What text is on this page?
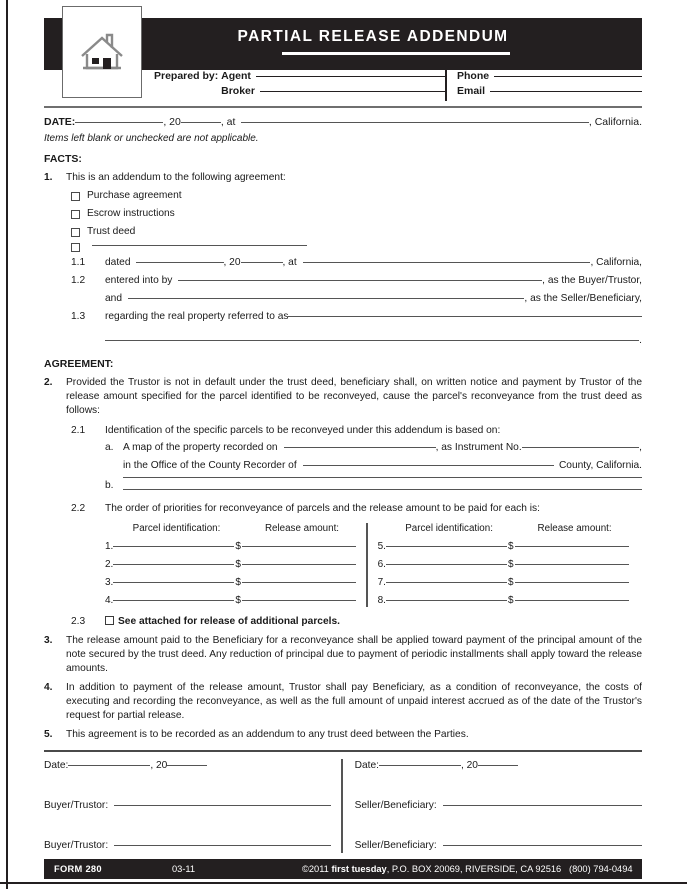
PARTIAL RELEASE ADDENDUM
Prepared by:
Agent

Broker
Phone
Email
DATE:	, 20	, at	, California.
Items left blank or unchecked are not applicable.
FACTS:
1.	This is an addendum to the following agreement:
Purchase agreement
Escrow instructions
Trust deed
1.1	dated	, 20	, at	, California,
1.2	entered into by	, as the Buyer/Trustor,
and	, as the Seller/Beneficiary,
1.3	regarding the real property referred to as
.
AGREEMENT:
2.	Provided the Trustor is not in default under the trust deed, beneficiary shall, on written notice and payment by Trustor of the release amount specified for the parcel identified to be reconveyed, cause the parcel's reconveyance from the trust deed as follows:
2.1	Identification of the specific parcels to be reconveyed under this addendum is based on:
a. A map of the property recorded on	, as Instrument No.	,
in the Office of the County Recorder of	County, California.
b.
2.2	The order of priorities for reconveyance of parcels and the release amount to be paid for each is:
Parcel identification:	Release amount:
1.	$
2.	$
3.	$
4.	$
Parcel identification:	Release amount:
5.	$
6.	$
7.	$
8.	$
2.3	See attached for release of additional parcels.
3.	The release amount paid to the Beneficiary for a reconveyance shall be applied toward payment of the principal amount of the note secured by the trust deed. Any reduction of principal due to payment of periodic installments shall apply toward the release amounts.
4.	In addition to payment of the release amount, Trustor shall pay Beneficiary, as a condition of reconveyance, the costs of executing and recording the reconveyance, as well as the full amount of unpaid interest accrued as of the date of the Trustor's request for partial release.
5.	This agreement is to be recorded as an addendum to any trust deed between the Parties.
Date:	, 20
Buyer/Trustor:
Buyer/Trustor:
Date:	, 20
Seller/Beneficiary:
Seller/Beneficiary:
FORM 280	03-11	©2011 first tuesday, P.O. BOX 20069, RIVERSIDE, CA 92516   (800) 794-0494
